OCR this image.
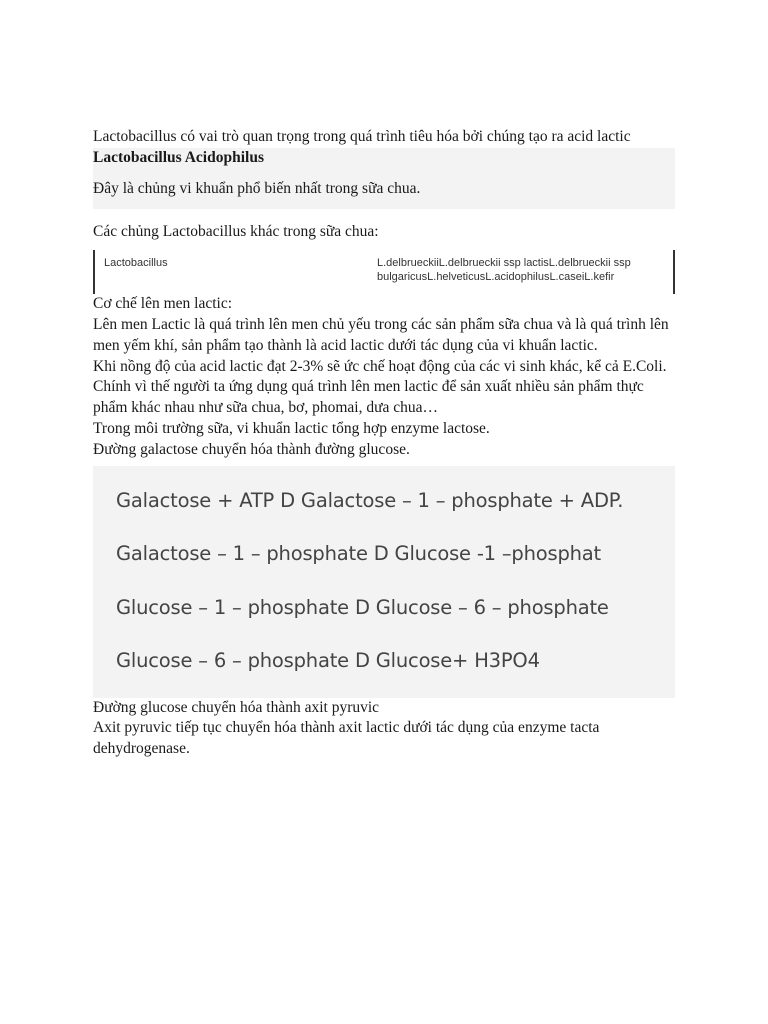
Lactobacillus có vai trò quan trọng trong quá trình tiêu hóa bởi chúng tạo ra acid lactic

Lactobacillus Acidophilus

Đây là chủng vi khuẩn phổ biến nhất trong sữa chua.

Các chủng Lactobacillus khác trong sữa chua:

Lactobacillus	L.delbrueckiiL.delbrueckii ssp lactisL.delbrueckii ssp bulgaricusL.helveticusL.acidophilusL.caseiL.kefir

Cơ chế lên men lactic:

Lên men Lactic là quá trình lên men chủ yếu trong các sản phẩm sữa chua và là quá trình lên men yếm khí, sản phẩm tạo thành là acid lactic dưới tác dụng của vi khuẩn lactic.

Khi nồng độ của acid lactic đạt 2-3% sẽ ức chế hoạt động của các vi sinh khác, kể cả E.Coli. Chính vì thế người ta ứng dụng quá trình lên men lactic để sản xuất nhiều sản phẩm thực phẩm khác nhau như sữa chua, bơ, phomai, dưa chua…

Trong môi trường sữa, vi khuẩn lactic tổng hợp enzyme lactose.

Đường galactose chuyển hóa thành đường glucose.

Galactose + ATP D Galactose – 1 – phosphate + ADP.
Galactose – 1 – phosphate D Glucose -1 –phosphat
Glucose – 1 – phosphate D Glucose – 6 – phosphate
Glucose – 6 – phosphate D Glucose+ H3PO4

Đường glucose chuyển hóa thành axit pyruvic

Axit pyruvic tiếp tục chuyển hóa thành axit lactic dưới tác dụng của enzyme tacta dehydrogenase.
